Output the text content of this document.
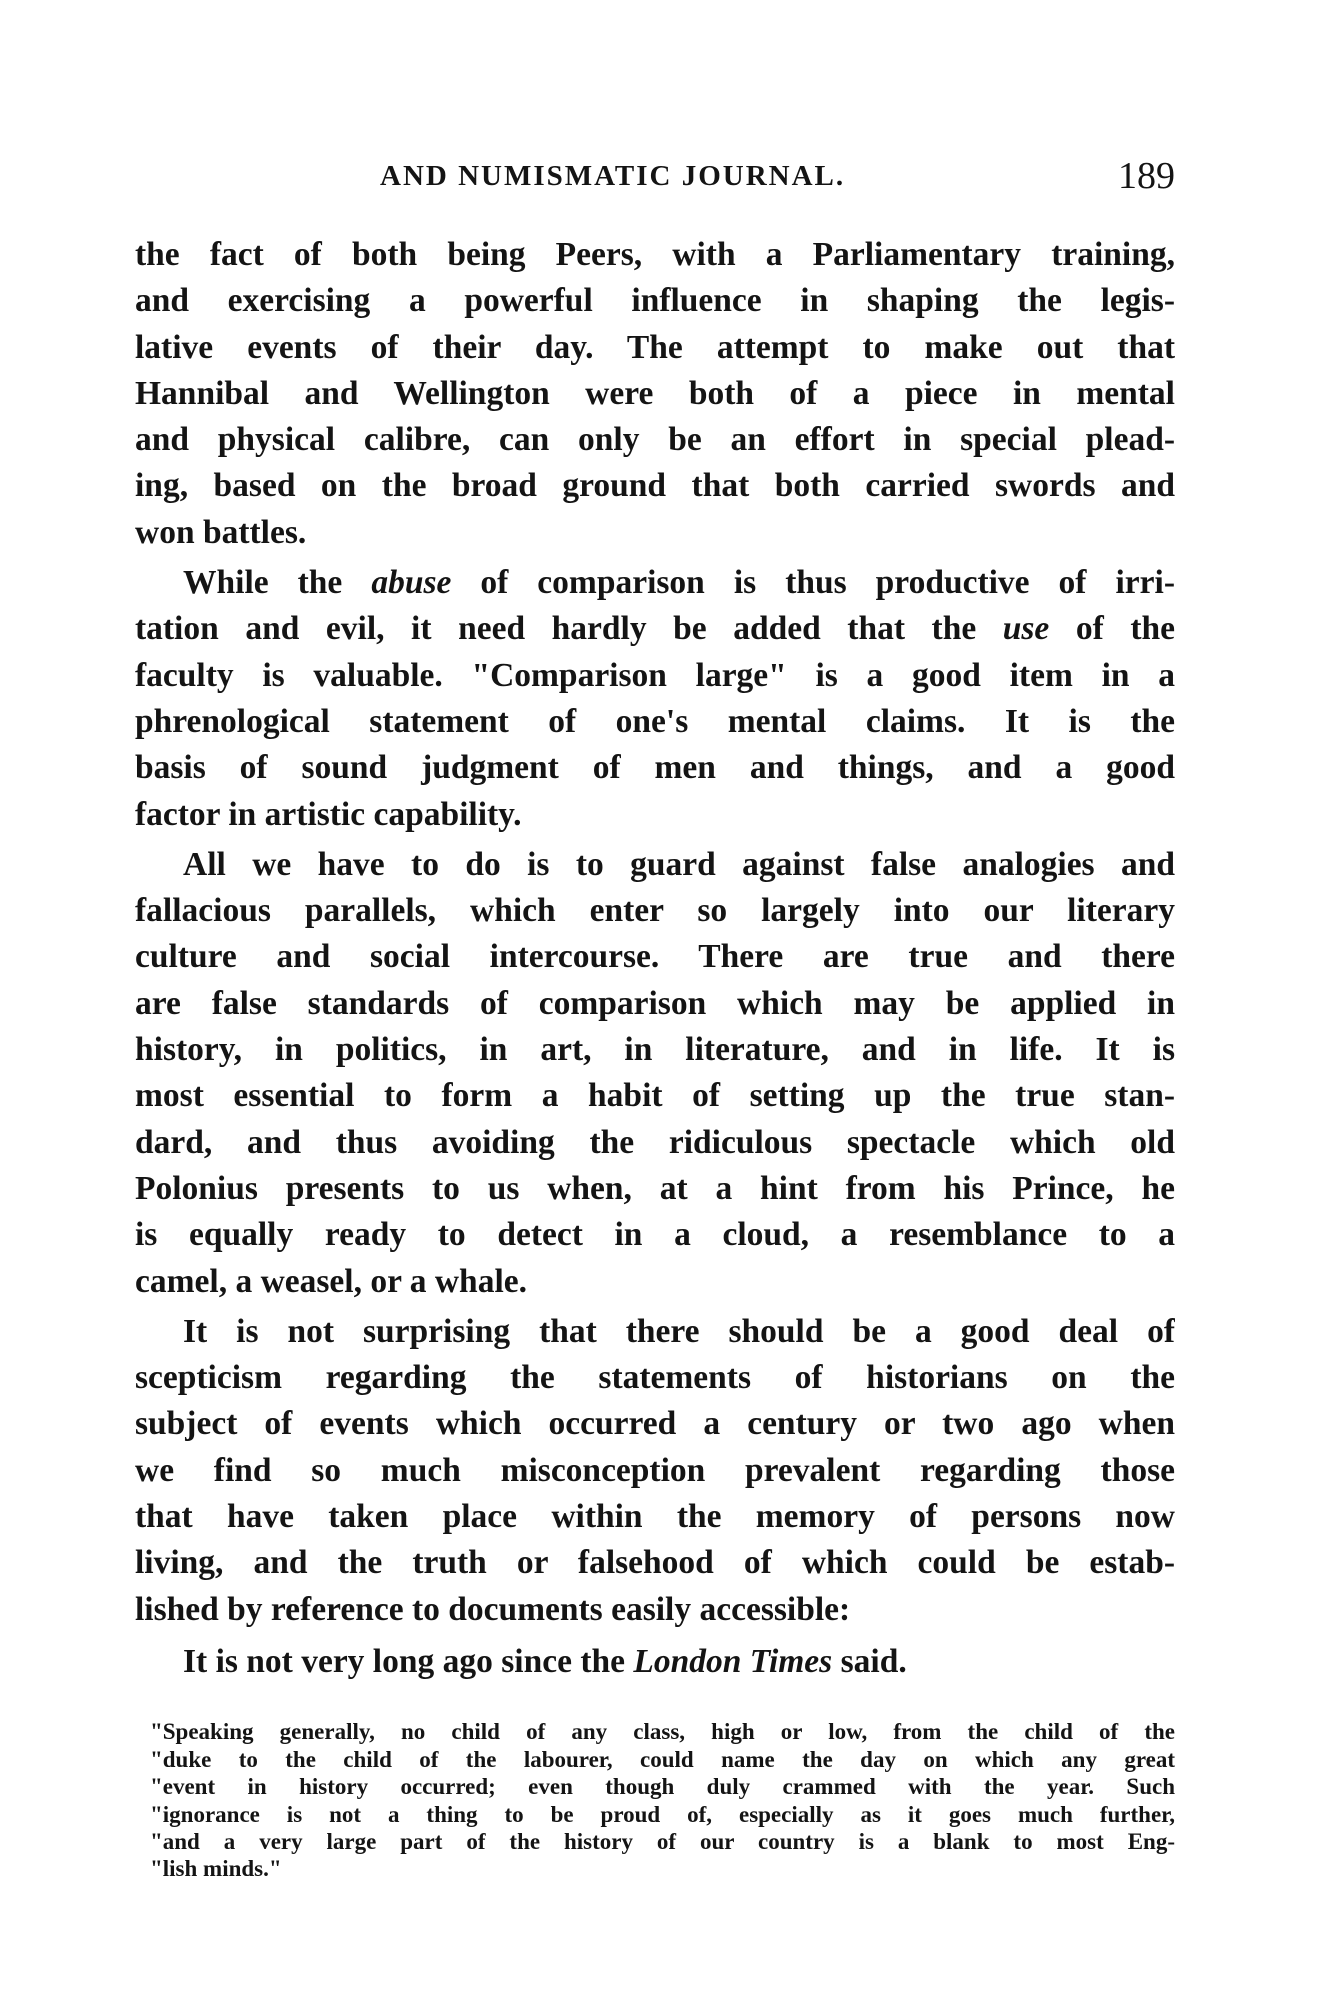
AND NUMISMATIC JOURNAL.	189

the fact of both being Peers, with a Parliamentary training,
and exercising a powerful influence in shaping the legis-
lative events of their day. The attempt to make out that
Hannibal and Wellington were both of a piece in mental
and physical calibre, can only be an effort in special plead-
ing, based on the broad ground that both carried swords and
won battles.

While the abuse of comparison is thus productive of irri-
tation and evil, it need hardly be added that the use of the
faculty is valuable. "Comparison large" is a good item in a
phrenological statement of one's mental claims. It is the
basis of sound judgment of men and things, and a good
factor in artistic capability.

All we have to do is to guard against false analogies and
fallacious parallels, which enter so largely into our literary
culture and social intercourse. There are true and there
are false standards of comparison which may be applied in
history, in politics, in art, in literature, and in life. It is
most essential to form a habit of setting up the true stan-
dard, and thus avoiding the ridiculous spectacle which old
Polonius presents to us when, at a hint from his Prince, he
is equally ready to detect in a cloud, a resemblance to a
camel, a weasel, or a whale.

It is not surprising that there should be a good deal of
scepticism regarding the statements of historians on the
subject of events which occurred a century or two ago when
we find so much misconception prevalent regarding those
that have taken place within the memory of persons now
living, and the truth or falsehood of which could be estab-
lished by reference to documents easily accessible:

It is not very long ago since the London Times said.

"Speaking generally, no child of any class, high or low, from the child of the
"duke to the child of the labourer, could name the day on which any great
"event in history occurred; even though duly crammed with the year. Such
"ignorance is not a thing to be proud of, especially as it goes much further,
"and a very large part of the history of our country is a blank to most Eng-
"lish minds."
